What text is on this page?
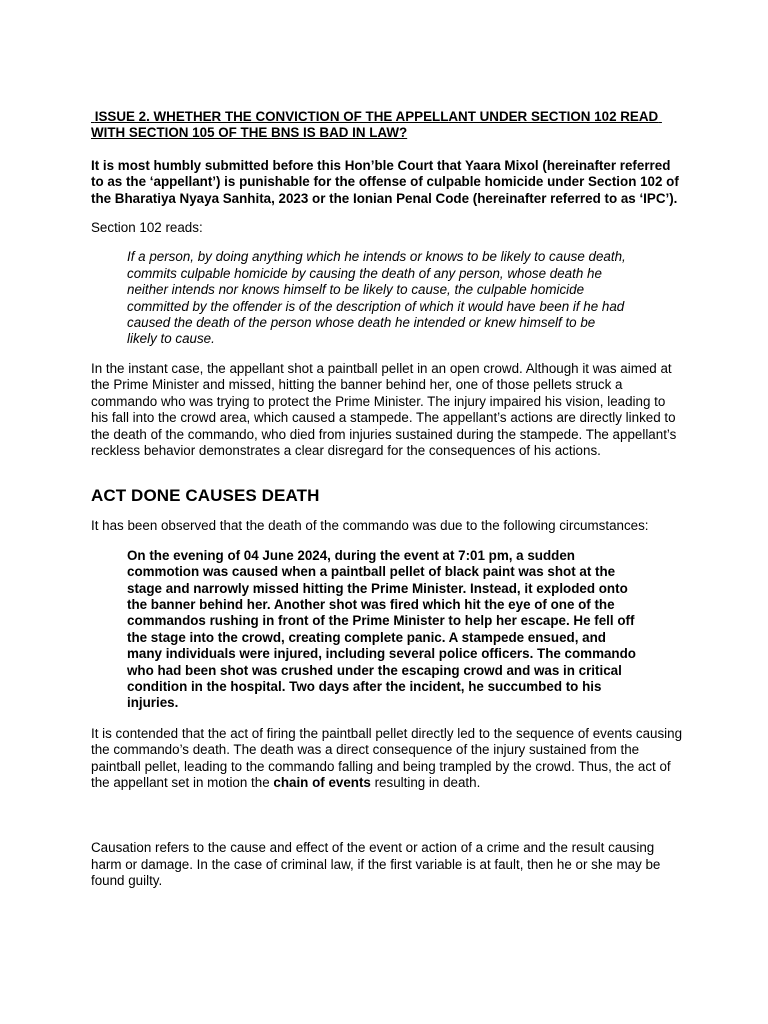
ISSUE 2. WHETHER THE CONVICTION OF THE APPELLANT UNDER SECTION 102 READ WITH SECTION 105 OF THE BNS IS BAD IN LAW?

It is most humbly submitted before this Hon’ble Court that Yaara Mixol (hereinafter referred to as the ‘appellant’) is punishable for the offense of culpable homicide under Section 102 of the Bharatiya Nyaya Sanhita, 2023 or the Ionian Penal Code (hereinafter referred to as ‘IPC’).

Section 102 reads:

If a person, by doing anything which he intends or knows to be likely to cause death, commits culpable homicide by causing the death of any person, whose death he neither intends nor knows himself to be likely to cause, the culpable homicide committed by the offender is of the description of which it would have been if he had caused the death of the person whose death he intended or knew himself to be likely to cause.

In the instant case, the appellant shot a paintball pellet in an open crowd. Although it was aimed at the Prime Minister and missed, hitting the banner behind her, one of those pellets struck a commando who was trying to protect the Prime Minister. The injury impaired his vision, leading to his fall into the crowd area, which caused a stampede. The appellant’s actions are directly linked to the death of the commando, who died from injuries sustained during the stampede. The appellant’s reckless behavior demonstrates a clear disregard for the consequences of his actions.

ACT DONE CAUSES DEATH

It has been observed that the death of the commando was due to the following circumstances:

On the evening of 04 June 2024, during the event at 7:01 pm, a sudden commotion was caused when a paintball pellet of black paint was shot at the stage and narrowly missed hitting the Prime Minister. Instead, it exploded onto the banner behind her. Another shot was fired which hit the eye of one of the commandos rushing in front of the Prime Minister to help her escape. He fell off the stage into the crowd, creating complete panic. A stampede ensued, and many individuals were injured, including several police officers. The commando who had been shot was crushed under the escaping crowd and was in critical condition in the hospital. Two days after the incident, he succumbed to his injuries.

It is contended that the act of firing the paintball pellet directly led to the sequence of events causing the commando’s death. The death was a direct consequence of the injury sustained from the paintball pellet, leading to the commando falling and being trampled by the crowd. Thus, the act of the appellant set in motion the chain of events resulting in death.

Causation refers to the cause and effect of the event or action of a crime and the result causing harm or damage. In the case of criminal law, if the first variable is at fault, then he or she may be found guilty.
